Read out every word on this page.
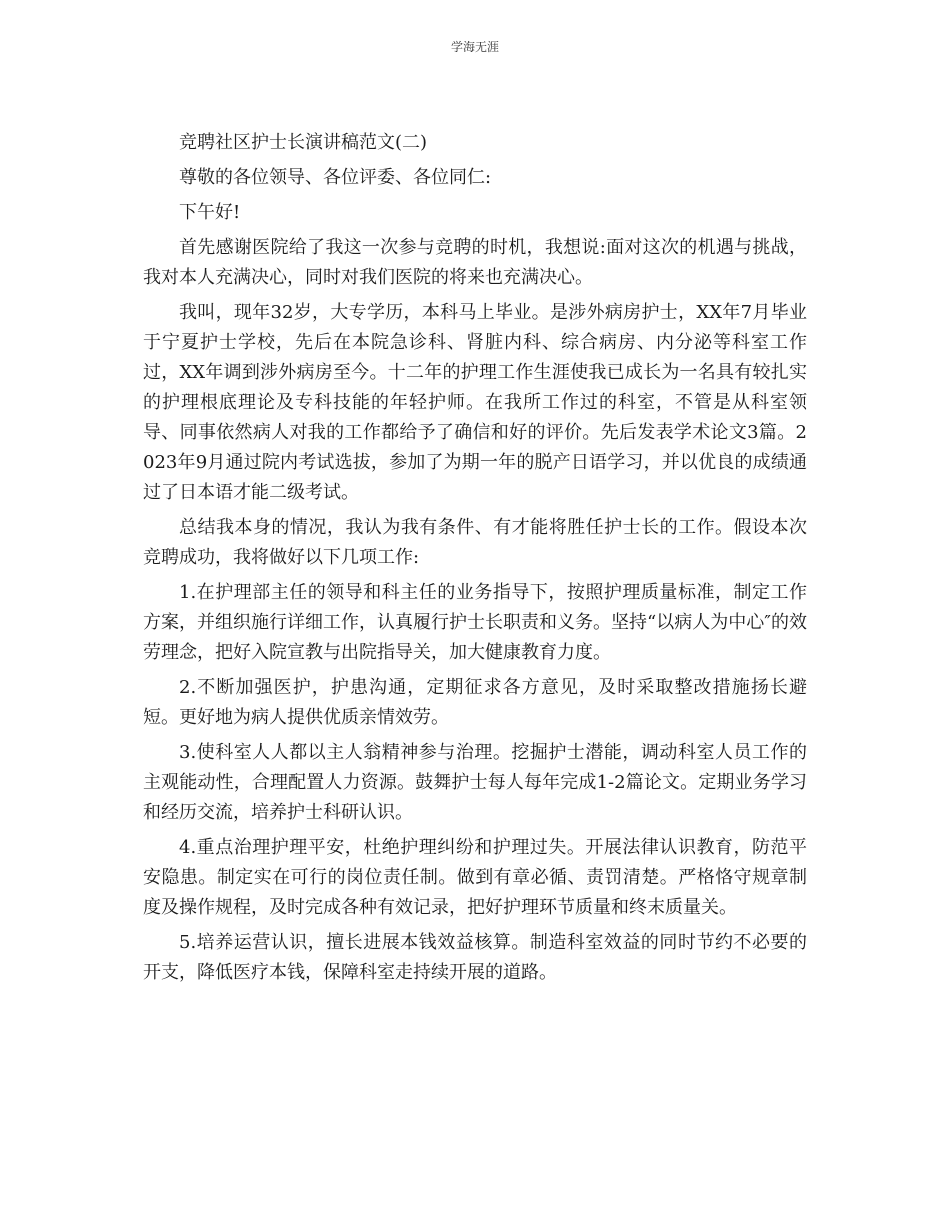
学海无涯

竞聘社区护士长演讲稿范文(二)

尊敬的各位领导、各位评委、各位同仁:

下午好!

首先感谢医院给了我这一次参与竞聘的时机，我想说:面对这次的机遇与挑战，我对本人充满决心，同时对我们医院的将来也充满决心。

我叫，现年32岁，大专学历，本科马上毕业。是涉外病房护士，XX年7月毕业于宁夏护士学校，先后在本院急诊科、肾脏内科、综合病房、内分泌等科室工作过，XX年调到涉外病房至今。十二年的护理工作生涯使我已成长为一名具有较扎实的护理根底理论及专科技能的年轻护师。在我所工作过的科室，不管是从科室领导、同事依然病人对我的工作都给予了确信和好的评价。先后发表学术论文3篇。2023年9月通过院内考试选拔，参加了为期一年的脱产日语学习，并以优良的成绩通过了日本语才能二级考试。

总结我本身的情况，我认为我有条件、有才能将胜任护士长的工作。假设本次竞聘成功，我将做好以下几项工作:

1.在护理部主任的领导和科主任的业务指导下，按照护理质量标准，制定工作方案，并组织施行详细工作，认真履行护士长职责和义务。坚持“以病人为中心″的效劳理念，把好入院宣教与出院指导关，加大健康教育力度。

2.不断加强医护，护患沟通，定期征求各方意见，及时采取整改措施扬长避短。更好地为病人提供优质亲情效劳。

3.使科室人人都以主人翁精神参与治理。挖掘护士潜能，调动科室人员工作的主观能动性，合理配置人力资源。鼓舞护士每人每年完成1-2篇论文。定期业务学习和经历交流，培养护士科研认识。

4.重点治理护理平安，杜绝护理纠纷和护理过失。开展法律认识教育，防范平安隐患。制定实在可行的岗位责任制。做到有章必循、责罚清楚。严格恪守规章制度及操作规程，及时完成各种有效记录，把好护理环节质量和终末质量关。

5.培养运营认识，擅长进展本钱效益核算。制造科室效益的同时节约不必要的开支，降低医疗本钱，保障科室走持续开展的道路。
